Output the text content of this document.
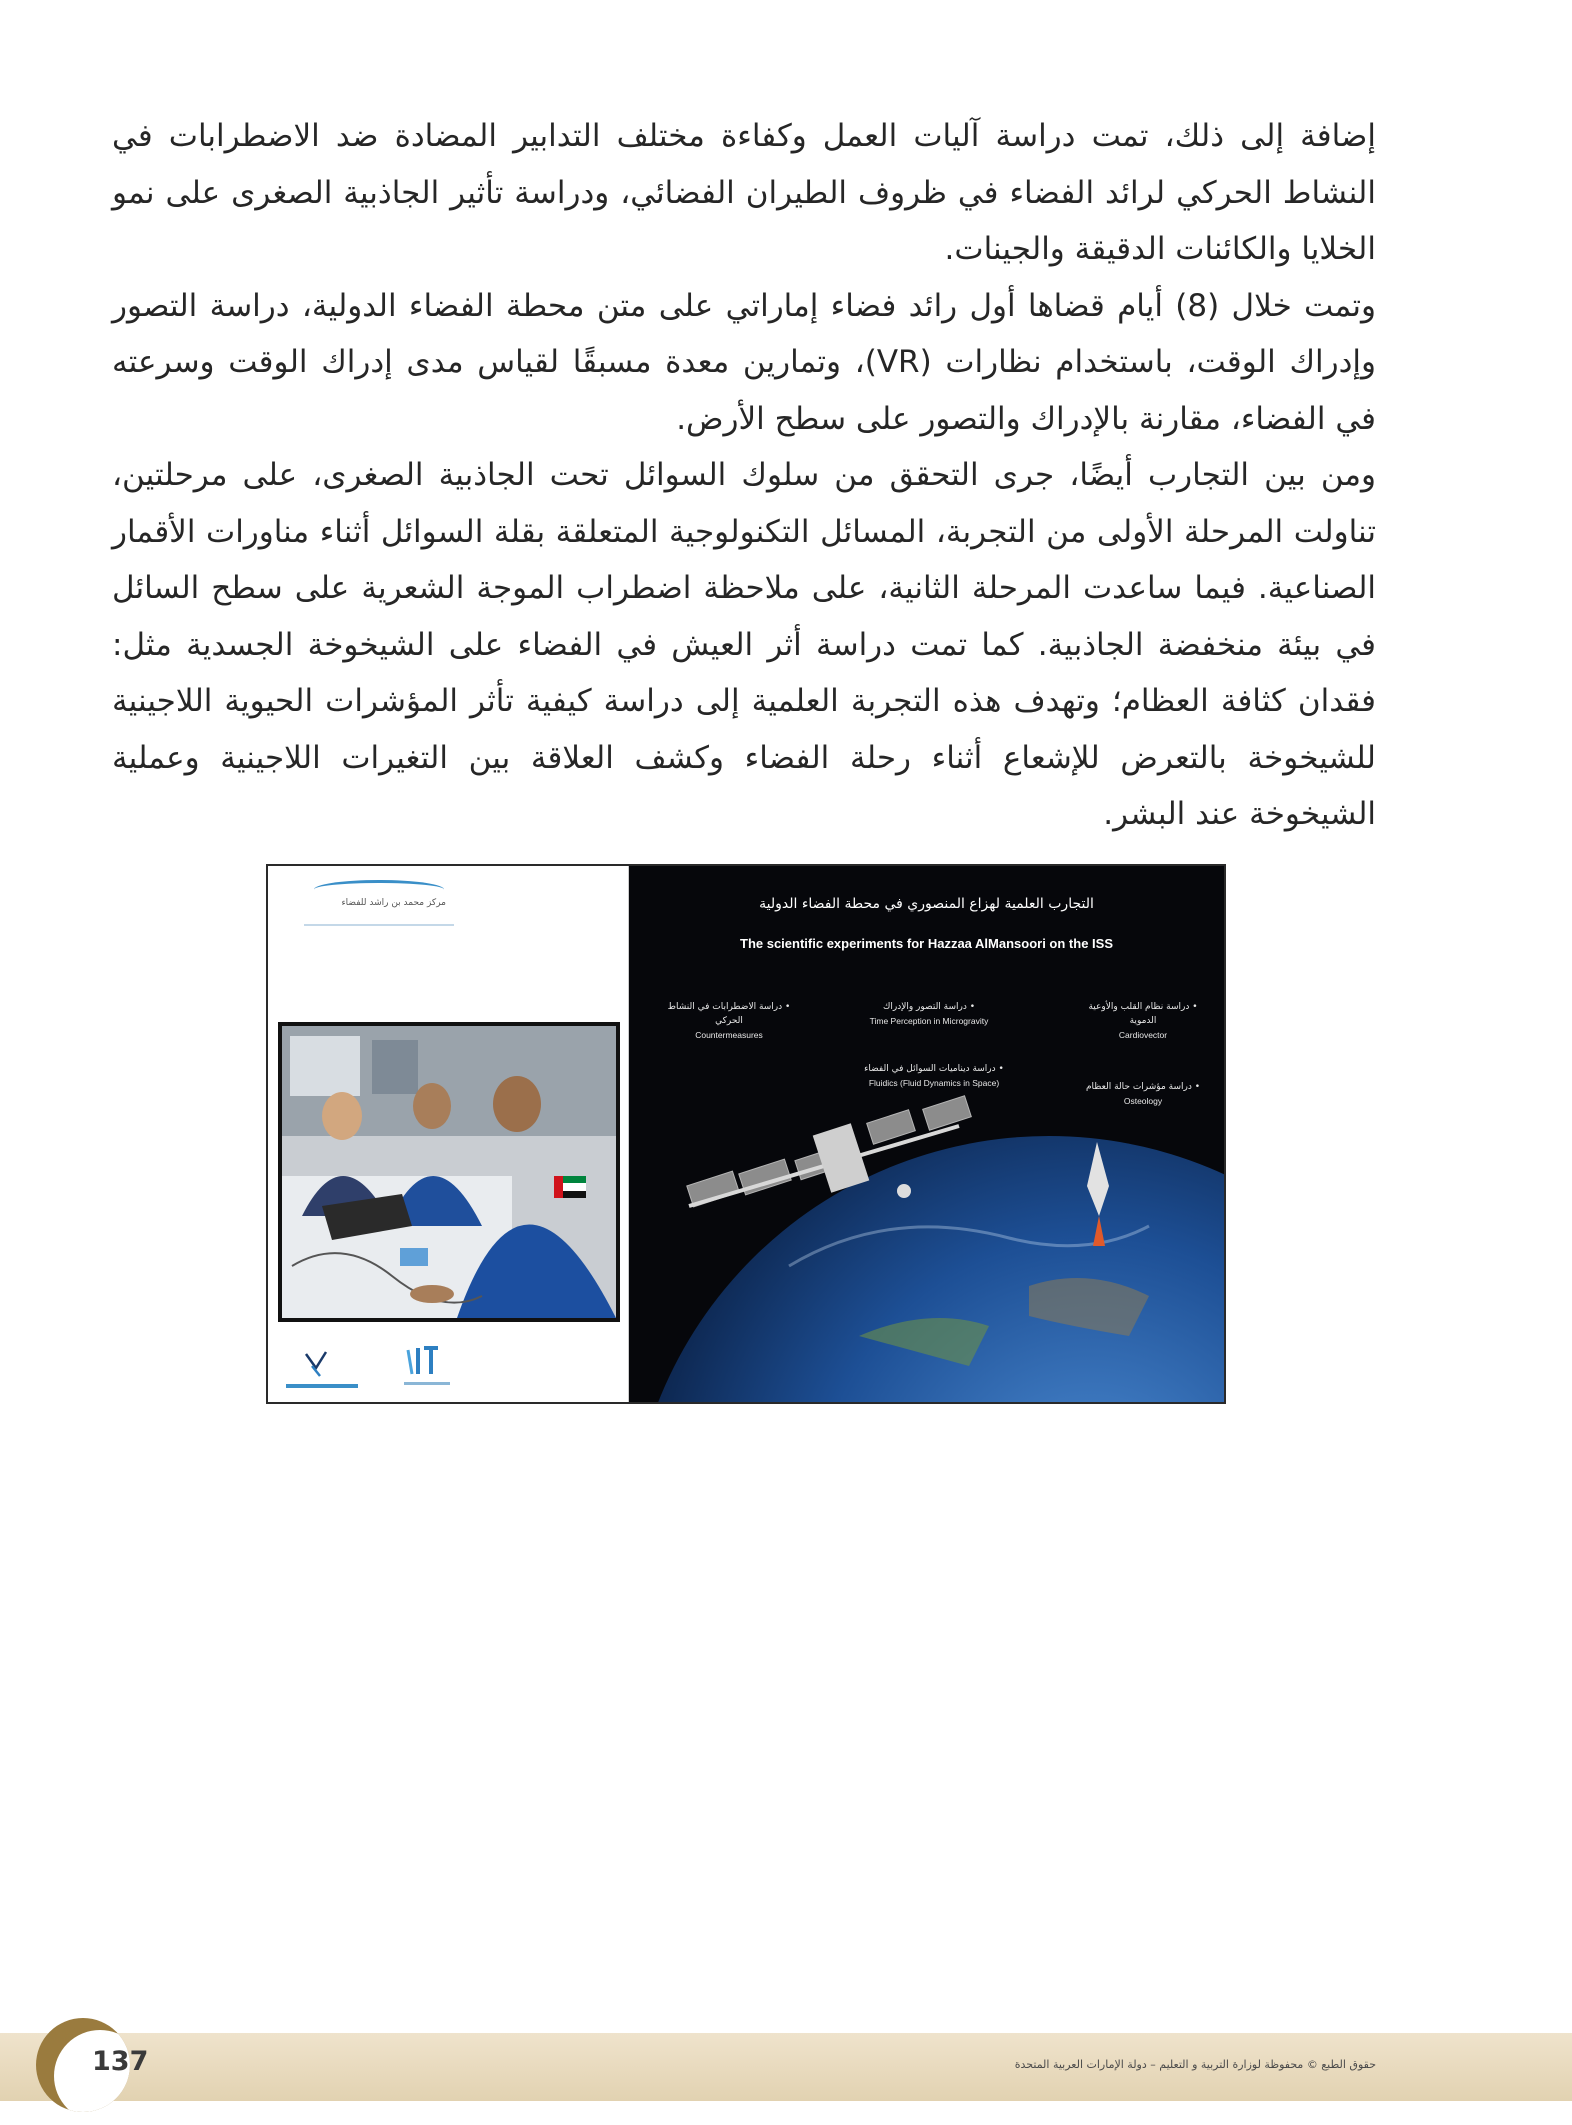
إضافة إلى ذلك، تمت دراسة آليات العمل وكفاءة مختلف التدابير المضادة ضد الاضطرابات في النشاط الحركي لرائد الفضاء في ظروف الطيران الفضائي، ودراسة تأثير الجاذبية الصغرى على نمو الخلايا والكائنات الدقيقة والجينات.

وتمت خلال (8) أيام قضاها أول رائد فضاء إماراتي على متن محطة الفضاء الدولية، دراسة التصور وإدراك الوقت، باستخدام نظارات (VR)، وتمارين معدة مسبقًا لقياس مدى إدراك الوقت وسرعته في الفضاء، مقارنة بالإدراك والتصور على سطح الأرض.

ومن بين التجارب أيضًا، جرى التحقق من سلوك السوائل تحت الجاذبية الصغرى، على مرحلتين، تناولت المرحلة الأولى من التجربة، المسائل التكنولوجية المتعلقة بقلة السوائل أثناء مناورات الأقمار الصناعية. فيما ساعدت المرحلة الثانية، على ملاحظة اضطراب الموجة الشعرية على سطح السائل في بيئة منخفضة الجاذبية. كما تمت دراسة أثر العيش في الفضاء على الشيخوخة الجسدية مثل: فقدان كثافة العظام؛ وتهدف هذه التجربة العلمية إلى دراسة كيفية تأثر المؤشرات الحيوية اللاجينية للشيخوخة بالتعرض للإشعاع أثناء رحلة الفضاء وكشف العلاقة بين التغيرات اللاجينية وعملية الشيخوخة عند البشر.

مركز محمد بن راشد للفضاء	التجارب العلمية لهزاع المنصوري في محطة الفضاء الدولية
The scientific experiments for Hazzaa AlMansoori on the ISS
• دراسة نظام القلب والأوعية الدموية
Cardiovector
• دراسة التصور والإدراك
Time Perception in Microgravity
• دراسة الاضطرابات في النشاط الحركي
Countermeasures
• دراسة ديناميات السوائل في الفضاء
Fluidics (Fluid Dynamics in Space)	• دراسة مؤشرات حالة العظام
Osteology
137	حقوق الطبع © محفوظة لوزارة التربية و التعليم – دولة الإمارات العربية المتحدة
